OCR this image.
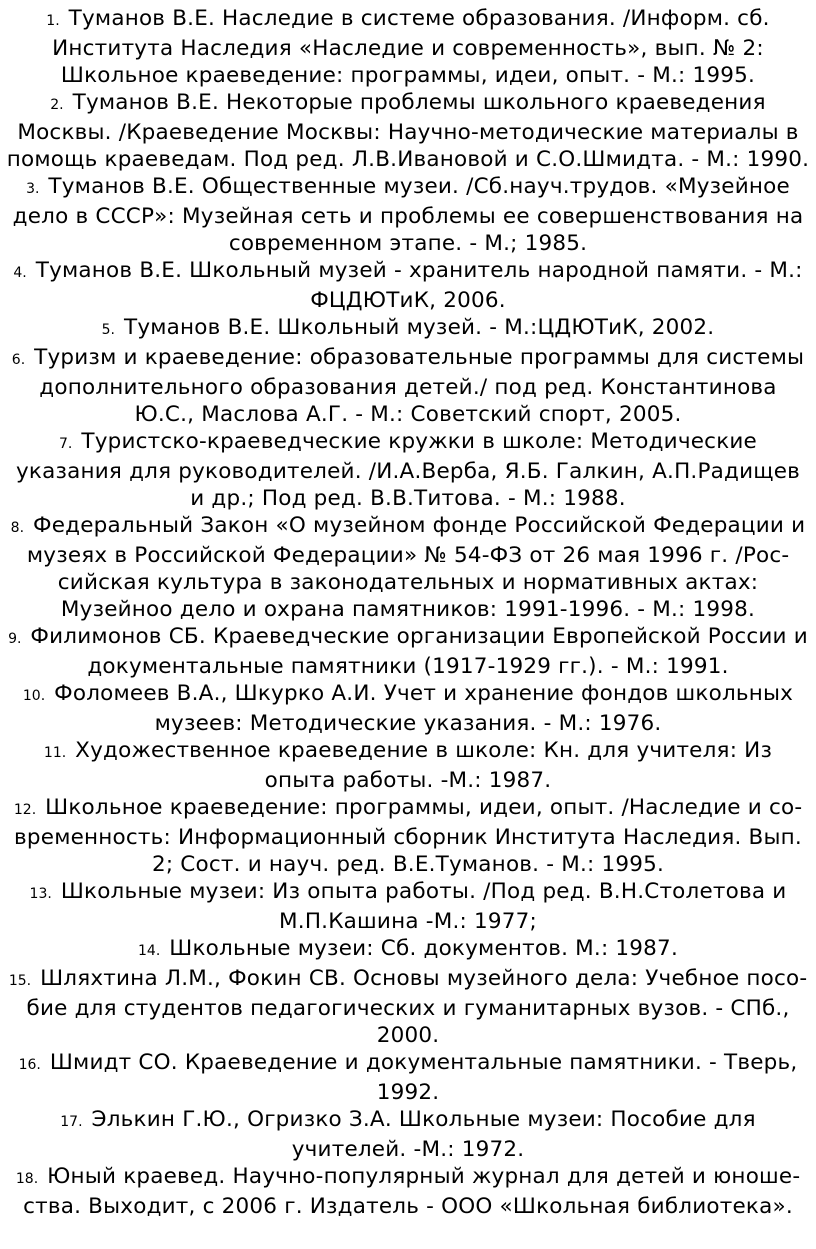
1. Туманов В.Е. Наследие в системе образования. /Информ. сб. Института Наследия «Наследие и современность», вып. № 2: Школьное краеведение: программы, идеи, опыт. - М.: 1995.
2. Туманов В.Е. Некоторые проблемы школьного краеведения Москвы. /Краеведение Москвы: Научно-методические материалы в помощь краеведам. Под ред. Л.В.Ивановой и С.О.Шмидта. - М.: 1990.
3. Туманов В.Е. Общественные музеи. /Сб.науч.трудов. «Музейное дело в СССР»: Музейная сеть и проблемы ее совершенствования на современном этапе. - М.; 1985.
4. Туманов В.Е. Школьный музей - хранитель народной памяти. - М.: ФЦДЮТиК, 2006.
5. Туманов В.Е. Школьный музей. - М.:ЦДЮТиК, 2002.
6. Туризм и краеведение: образовательные программы для системы дополнительного образования детей./ под ред. Константинова Ю.С., Маслова А.Г. - М.: Советский спорт, 2005.
7. Туристско-краеведческие кружки в школе: Методические указания для руководителей. /И.А.Верба, Я.Б. Галкин, А.П.Радищев и др.; Под ред. В.В.Титова. - М.: 1988.
8. Федеральный Закон «О музейном фонде Российской Федерации и музеях в Российской Федерации» № 54-ФЗ от 26 мая 1996 г. /Российская культура в законодательных и нормативных актах: Музейноо дело и охрана памятников: 1991-1996. - М.: 1998.
9. Филимонов СБ. Краеведческие организации Европейской России и документальные памятники (1917-1929 гг.). - М.: 1991.
10. Фоломеев В.А., Шкурко А.И. Учет и хранение фондов школьных музеев: Методические указания. - М.: 1976.
11. Художественное краеведение в школе: Кн. для учителя: Из опыта работы. -М.: 1987.
12. Школьное краеведение: программы, идеи, опыт. /Наследие и современность: Информационный сборник Института Наследия. Вып. 2; Сост. и науч. ред. В.Е.Туманов. - М.: 1995.
13. Школьные музеи: Из опыта работы. /Под ред. В.Н.Столетова и М.П.Кашина -М.: 1977;
14. Школьные музеи: Сб. документов. М.: 1987.
15. Шляхтина Л.М., Фокин СВ. Основы музейного дела: Учебное пособие для студентов педагогических и гуманитарных вузов. - СПб., 2000.
16. Шмидт СО. Краеведение и документальные памятники. - Тверь, 1992.
17. Элькин Г.Ю., Огризко З.А. Школьные музеи: Пособие для учителей. -М.: 1972.
18. Юный краевед. Научно-популярный журнал для детей и юношества. Выходит, с 2006 г. Издатель - ООО «Школьная библиотека».
